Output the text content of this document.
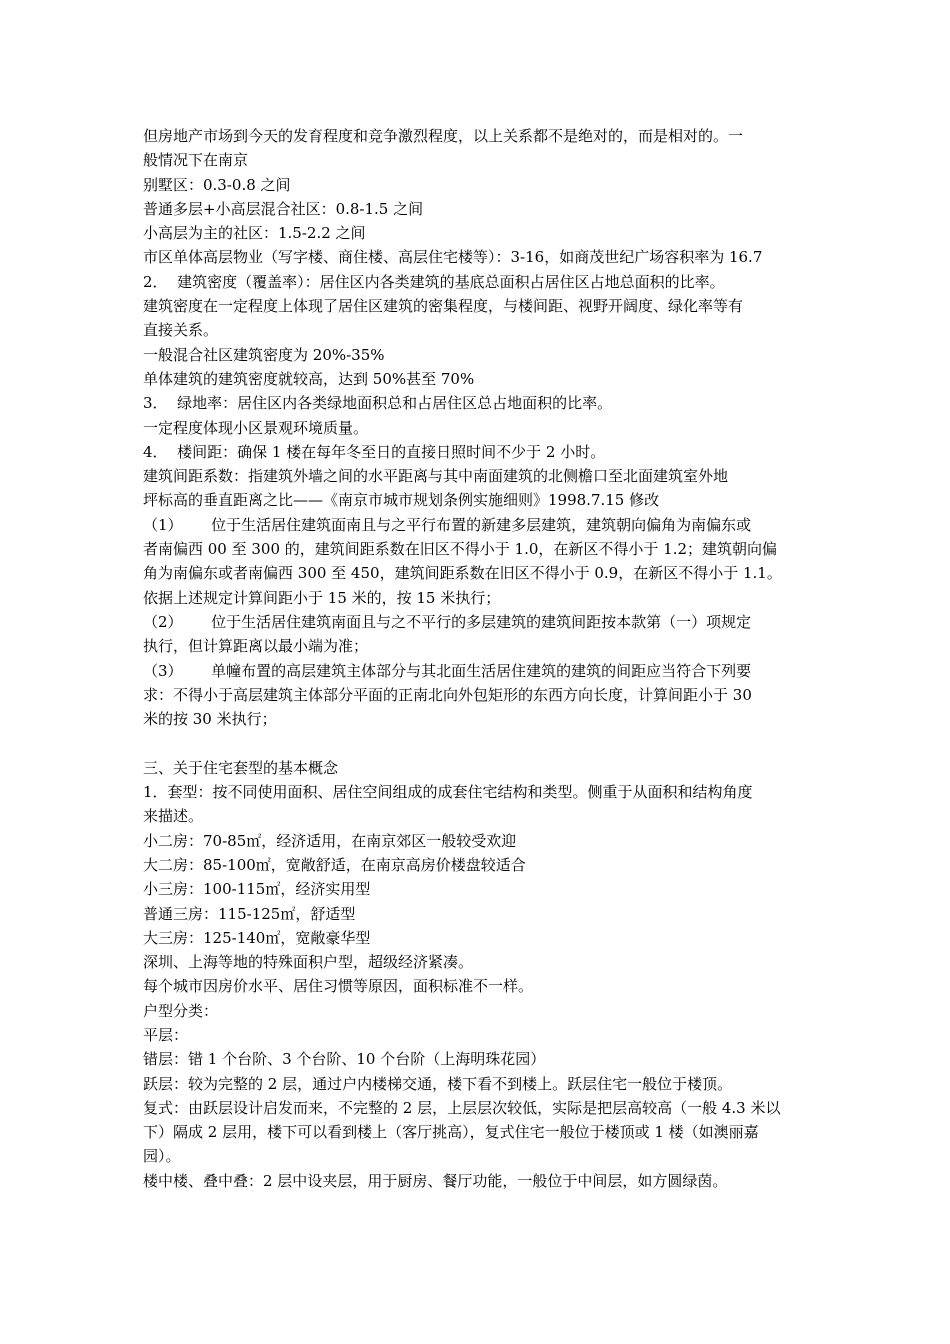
但房地产市场到今天的发育程度和竞争激烈程度，以上关系都不是绝对的，而是相对的。一
般情况下在南京
别墅区：0.3-0.8 之间
普通多层+小高层混合社区：0.8-1.5 之间
小高层为主的社区：1.5-2.2 之间
市区单体高层物业（写字楼、商住楼、高层住宅楼等）：3-16，如商茂世纪广场容积率为 16.7
2．  建筑密度（覆盖率）：居住区内各类建筑的基底总面积占居住区占地总面积的比率。
建筑密度在一定程度上体现了居住区建筑的密集程度，与楼间距、视野开阔度、绿化率等有
直接关系。
一般混合社区建筑密度为 20%-35%
单体建筑的建筑密度就较高，达到 50%甚至 70%
3．  绿地率：居住区内各类绿地面积总和占居住区总占地面积的比率。
一定程度体现小区景观环境质量。
4．  楼间距：确保 1 楼在每年冬至日的直接日照时间不少于 2 小时。
建筑间距系数：指建筑外墙之间的水平距离与其中南面建筑的北侧檐口至北面建筑室外地
坪标高的垂直距离之比——《南京市城市规划条例实施细则》1998.7.15 修改
（1）      位于生活居住建筑面南且与之平行布置的新建多层建筑，建筑朝向偏角为南偏东或
者南偏西 00 至 300 的，建筑间距系数在旧区不得小于 1.0，在新区不得小于 1.2；建筑朝向偏
角为南偏东或者南偏西 300 至 450，建筑间距系数在旧区不得小于 0.9，在新区不得小于 1.1。
依据上述规定计算间距小于 15 米的，按 15 米执行；
（2）      位于生活居住建筑南面且与之不平行的多层建筑的建筑间距按本款第（一）项规定
执行，但计算距离以最小端为准；
（3）      单幢布置的高层建筑主体部分与其北面生活居住建筑的建筑的间距应当符合下列要
求：不得小于高层建筑主体部分平面的正南北向外包矩形的东西方向长度，计算间距小于 30
米的按 30 米执行；
三、关于住宅套型的基本概念
1．套型：按不同使用面积、居住空间组成的成套住宅结构和类型。侧重于从面积和结构角度
来描述。
小二房：70-85㎡，经济适用，在南京郊区一般较受欢迎
大二房：85-100㎡，宽敞舒适，在南京高房价楼盘较适合
小三房：100-115㎡，经济实用型
普通三房：115-125㎡，舒适型
大三房：125-140㎡，宽敞豪华型
深圳、上海等地的特殊面积户型，超级经济紧凑。
每个城市因房价水平、居住习惯等原因，面积标准不一样。
户型分类：
平层：
错层：错 1 个台阶、3 个台阶、10 个台阶（上海明珠花园）
跃层：较为完整的 2 层，通过户内楼梯交通，楼下看不到楼上。跃层住宅一般位于楼顶。
复式：由跃层设计启发而来，不完整的 2 层，上层层次较低，实际是把层高较高（一般 4.3 米以
下）隔成 2 层用，楼下可以看到楼上（客厅挑高），复式住宅一般位于楼顶或 1 楼（如澳丽嘉
园）。
楼中楼、叠中叠：2 层中设夹层，用于厨房、餐厅功能，一般位于中间层，如方圆绿茵。
